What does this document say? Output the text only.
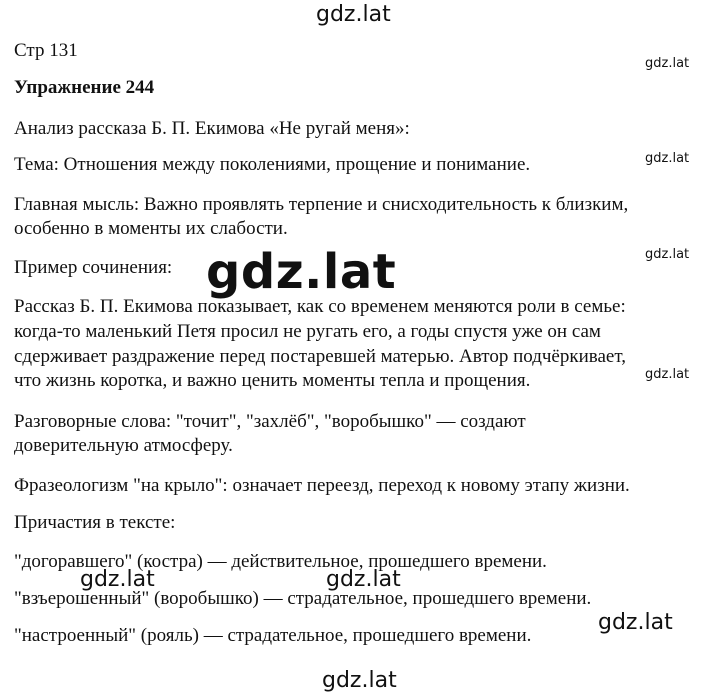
Стр 131
Упражнение 244
Анализ рассказа Б. П. Екимова «Не ругай меня»:
Тема: Отношения между поколениями, прощение и понимание.
Главная мысль: Важно проявлять терпение и снисходительность к близким,
особенно в моменты их слабости.
Пример сочинения:
Рассказ Б. П. Екимова показывает, как со временем меняются роли в семье:
когда-то маленький Петя просил не ругать его, а годы спустя уже он сам
сдерживает раздражение перед постаревшей матерью. Автор подчёркивает,
что жизнь коротка, и важно ценить моменты тепла и прощения.
Разговорные слова: "точит", "захлёб", "воробышко" — создают
доверительную атмосферу.
Фразеологизм "на крыло": означает переезд, переход к новому этапу жизни.
Причастия в тексте:
"догоравшего" (костра) — действительное, прошедшего времени.
"взъерошенный" (воробышко) — страдательное, прошедшего времени.
"настроенный" (рояль) — страдательное, прошедшего времени.
gdz.lat
gdz.lat
gdz.lat
gdz.lat
gdz.lat
gdz.lat
gdz.lat	gdz.lat
gdz.lat
gdz.lat
